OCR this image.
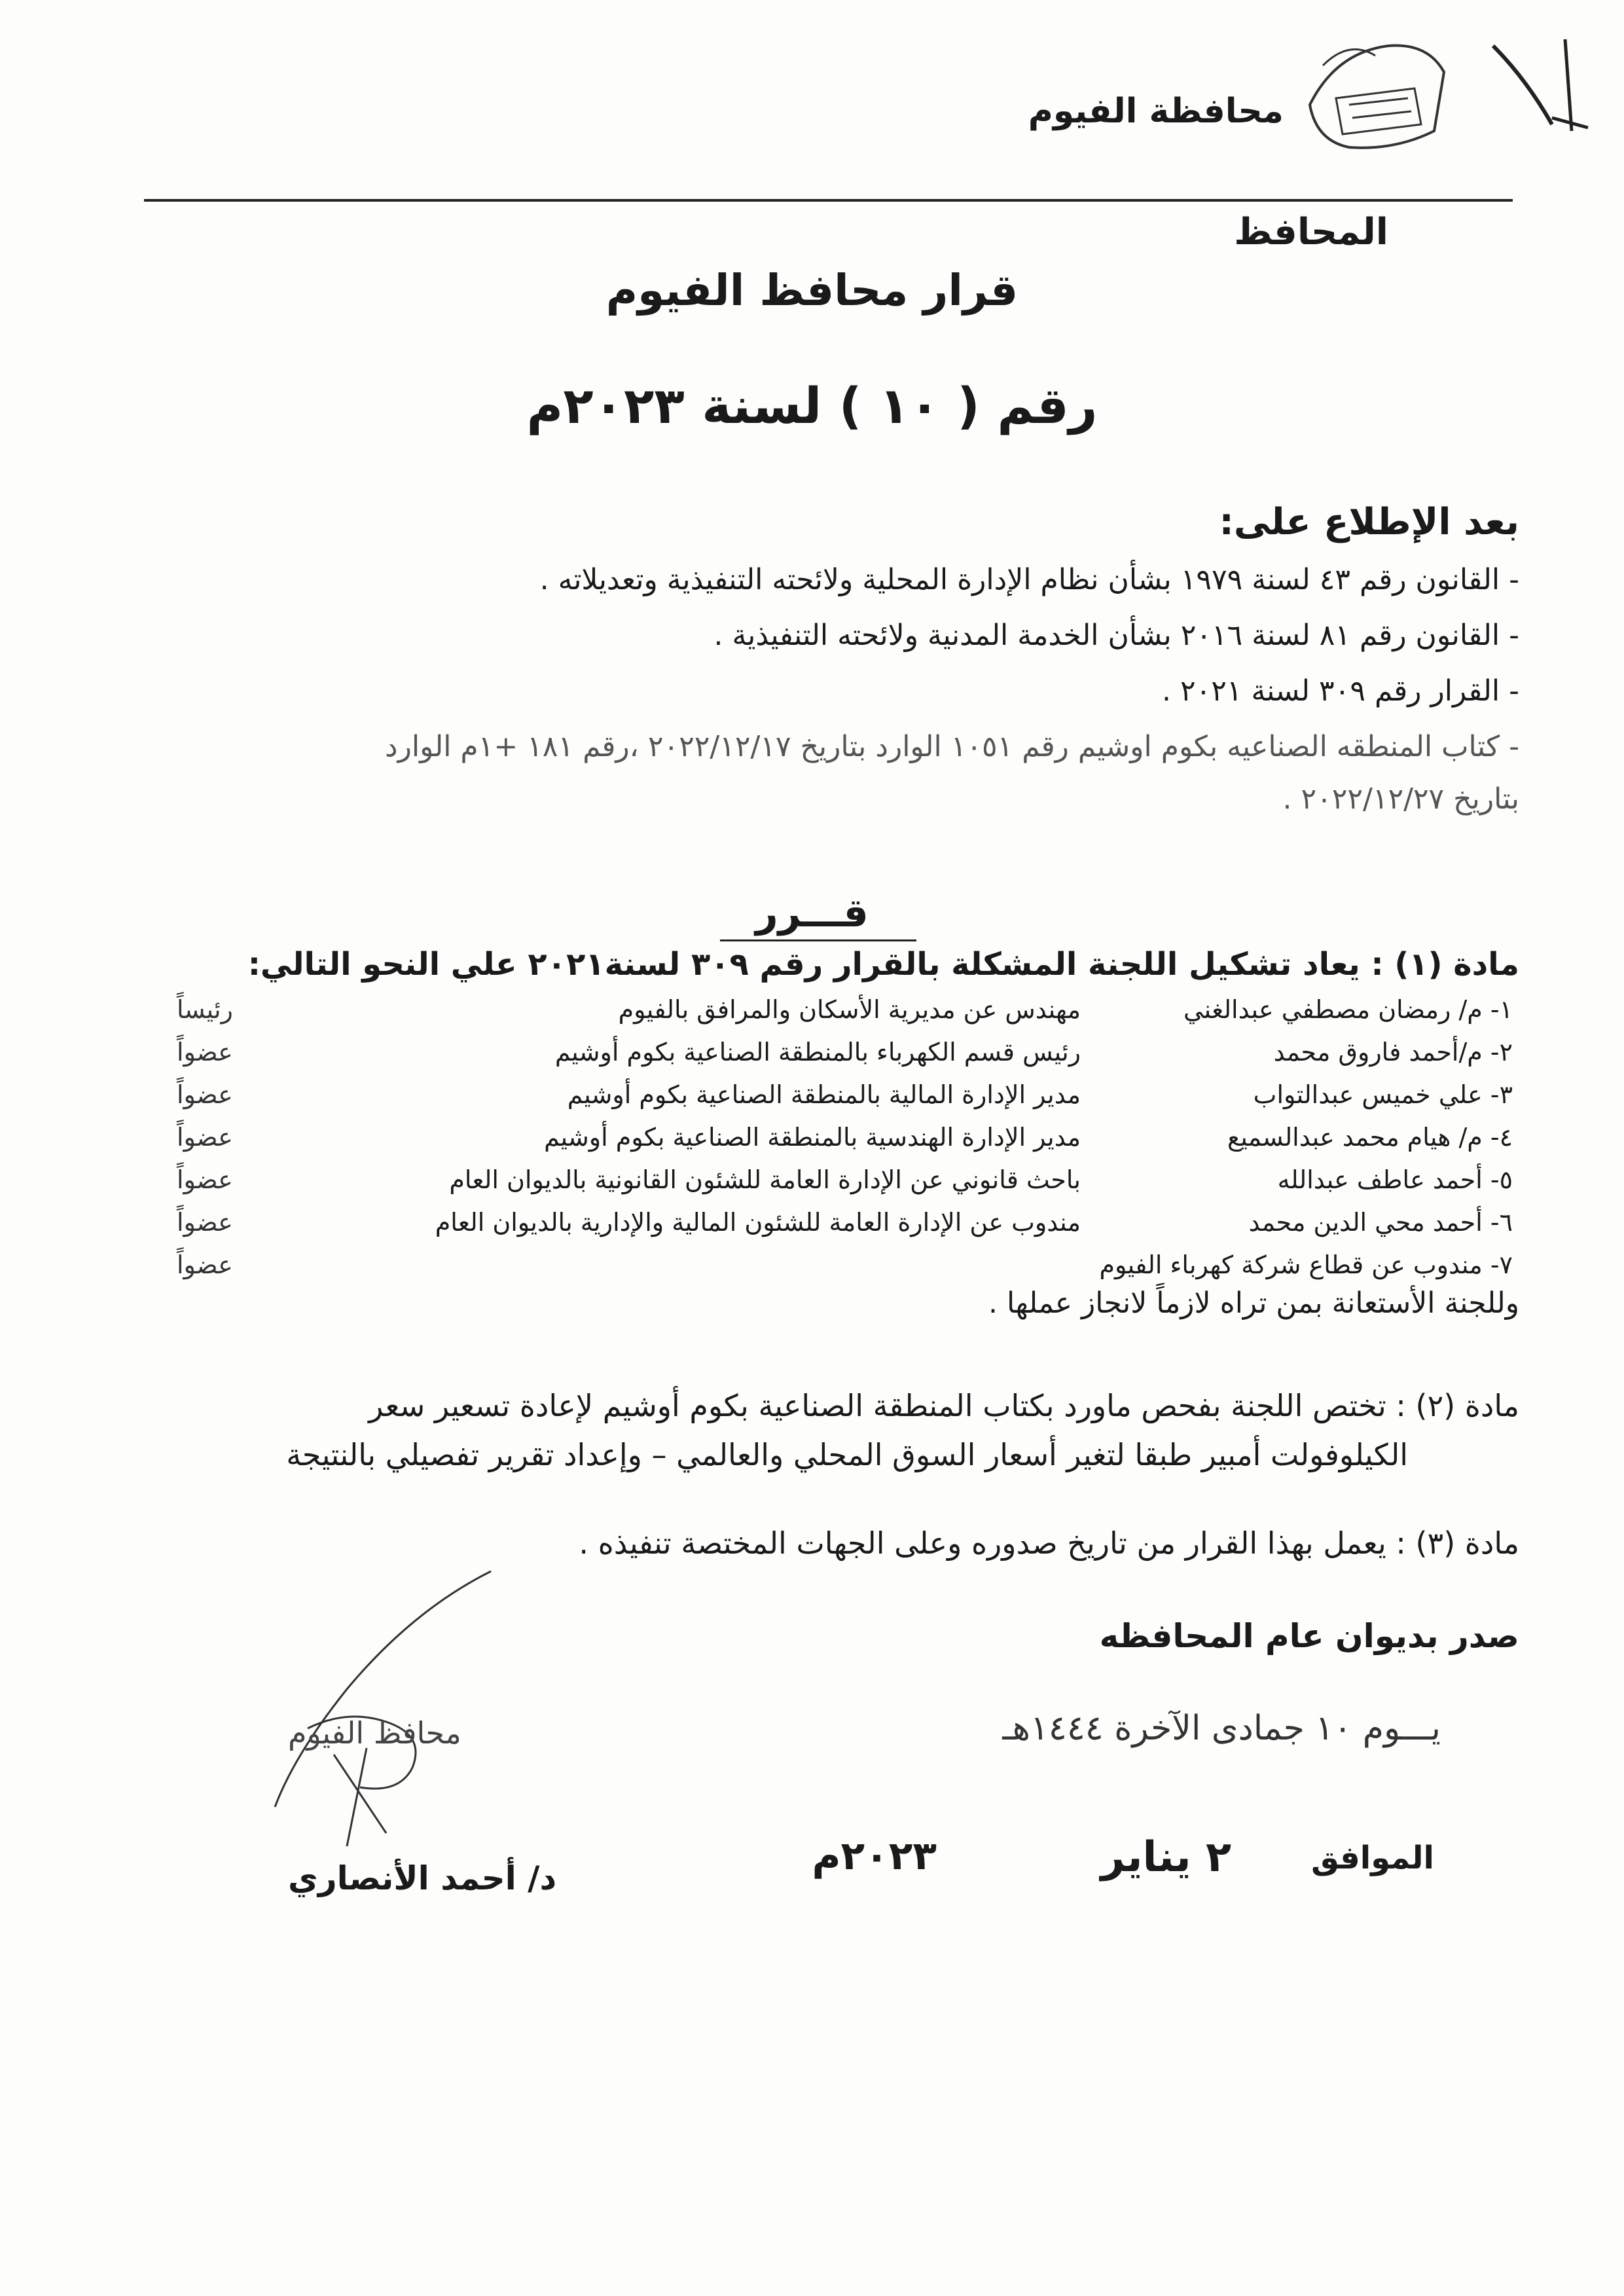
محافظة الفيوم
المحافظ
قرار محافظ الفيوم
رقم ( ١٠ ) لسنة ٢٠٢٣م
بعد الإطلاع على:
- القانون رقم ٤٣ لسنة ١٩٧٩ بشأن نظام الإدارة المحلية ولائحته التنفيذية وتعديلاته .
- القانون رقم ٨١ لسنة ٢٠١٦ بشأن الخدمة المدنية ولائحته التنفيذية .
- القرار رقم ٣٠٩ لسنة ٢٠٢١ .
- كتاب المنطقه الصناعيه بكوم اوشيم رقم ١٠٥١ الوارد بتاريخ ٢٠٢٢/١٢/١٧ ،رقم ١٨١ +١م الوارد
بتاريخ ٢٠٢٢/١٢/٢٧ .
قـــرر
مادة (١) : يعاد تشكيل اللجنة المشكلة بالقرار رقم ٣٠٩ لسنة٢٠٢١ علي النحو التالي:
١- م/ رمضان مصطفي عبدالغني
مهندس عن مديرية الأسكان والمرافق بالفيوم
رئيساً
٢- م/أحمد فاروق محمد
رئيس قسم الكهرباء بالمنطقة الصناعية بكوم أوشيم
عضواً
٣- علي خميس عبدالتواب
مدير الإدارة المالية بالمنطقة الصناعية بكوم أوشيم
عضواً
٤- م/ هيام محمد عبدالسميع
مدير الإدارة الهندسية بالمنطقة الصناعية بكوم أوشيم
عضواً
٥- أحمد عاطف عبدالله
باحث قانوني عن الإدارة العامة للشئون القانونية بالديوان العام
عضواً
٦- أحمد محي الدين محمد
مندوب عن الإدارة العامة للشئون المالية والإدارية بالديوان العام
عضواً
٧- مندوب عن قطاع شركة كهرباء الفيوم
عضواً
وللجنة الأستعانة بمن تراه لازماً لانجاز عملها .
مادة (٢) : تختص اللجنة بفحص ماورد بكتاب المنطقة الصناعية بكوم أوشيم لإعادة تسعير سعر
الكيلوفولت أمبير طبقا لتغير أسعار السوق المحلي والعالمي – وإعداد تقرير تفصيلي بالنتيجة
مادة (٣) : يعمل بهذا القرار من تاريخ صدوره وعلى الجهات المختصة تنفيذه .
صدر بديوان عام المحافظه
يـــوم ١٠ جمادى الآخرة ١٤٤٤هـ
الموافق
٢ يناير
٢٠٢٣م
محافظ الفيوم
د/ أحمد الأنصاري
